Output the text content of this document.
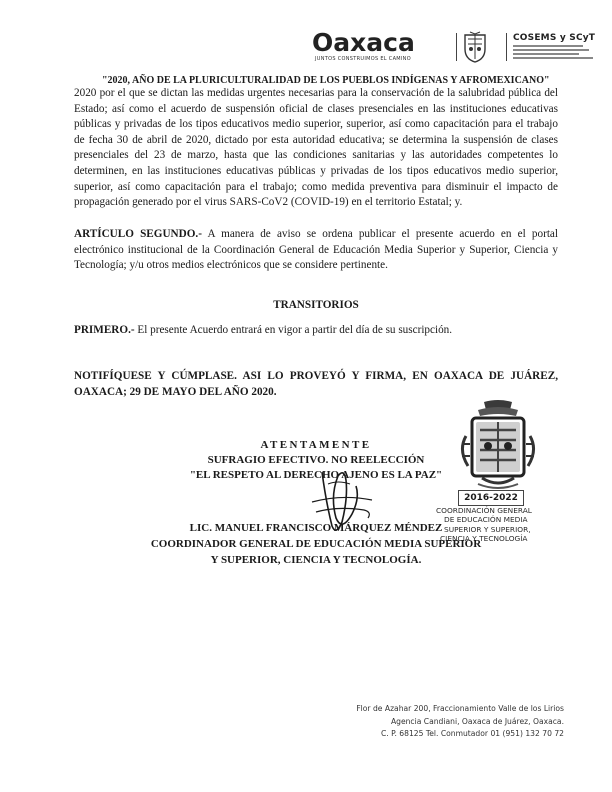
Oaxaca
JUNTOS CONSTRUIMOS EL CAMINO
COSEMS y SCyT
"2020, AÑO DE LA PLURICULTURALIDAD DE LOS PUEBLOS INDÍGENAS Y AFROMEXICANO"

2020 por el que se dictan las medidas urgentes necesarias para la conservación de la salubridad pública del Estado; así como el acuerdo de suspensión oficial de clases presenciales en las instituciones educativas públicas y privadas de los tipos educativos medio superior, superior, así como capacitación para el trabajo de fecha 30 de abril de 2020, dictado por esta autoridad educativa; se determina la suspensión de clases presenciales del 23 de marzo, hasta que las condiciones sanitarias y las autoridades competentes lo determinen, en las instituciones educativas públicas y privadas de los tipos educativos medio superior, superior, así como capacitación para el trabajo; como medida preventiva para disminuir el impacto de propagación generado por el virus SARS-CoV2 (COVID-19) en el territorio Estatal; y.

ARTÍCULO SEGUNDO.- A manera de aviso se ordena publicar el presente acuerdo en el portal electrónico institucional de la Coordinación General de Educación Media Superior y Superior, Ciencia y Tecnología; y/u otros medios electrónicos que se considere pertinente.

TRANSITORIOS

PRIMERO.- El presente Acuerdo entrará en vigor a partir del día de su suscripción.

NOTIFÍQUESE Y CÚMPLASE. ASI LO PROVEYÓ Y FIRMA, EN OAXACA DE JUÁREZ, OAXACA; 29 DE MAYO DEL AÑO 2020.

2016-2022
COORDINACIÓN GENERAL
DE EDUCACIÓN MEDIA
SUPERIOR Y SUPERIOR,
CIENCIA Y TECNOLOGÍA
ATENTAMENTE
SUFRAGIO EFECTIVO. NO REELECCIÓN
"EL RESPETO AL DERECHO AJENO ES LA PAZ"
LIC. MANUEL FRANCISCO MÁRQUEZ MÉNDEZ
COORDINADOR GENERAL DE EDUCACIÓN MEDIA SUPERIOR
Y SUPERIOR, CIENCIA Y TECNOLOGÍA.
Flor de Azahar 200, Fraccionamiento Valle de los Lirios
Agencia Candiani, Oaxaca de Juárez, Oaxaca.
C. P. 68125 Tel. Conmutador 01 (951) 132 70 72
